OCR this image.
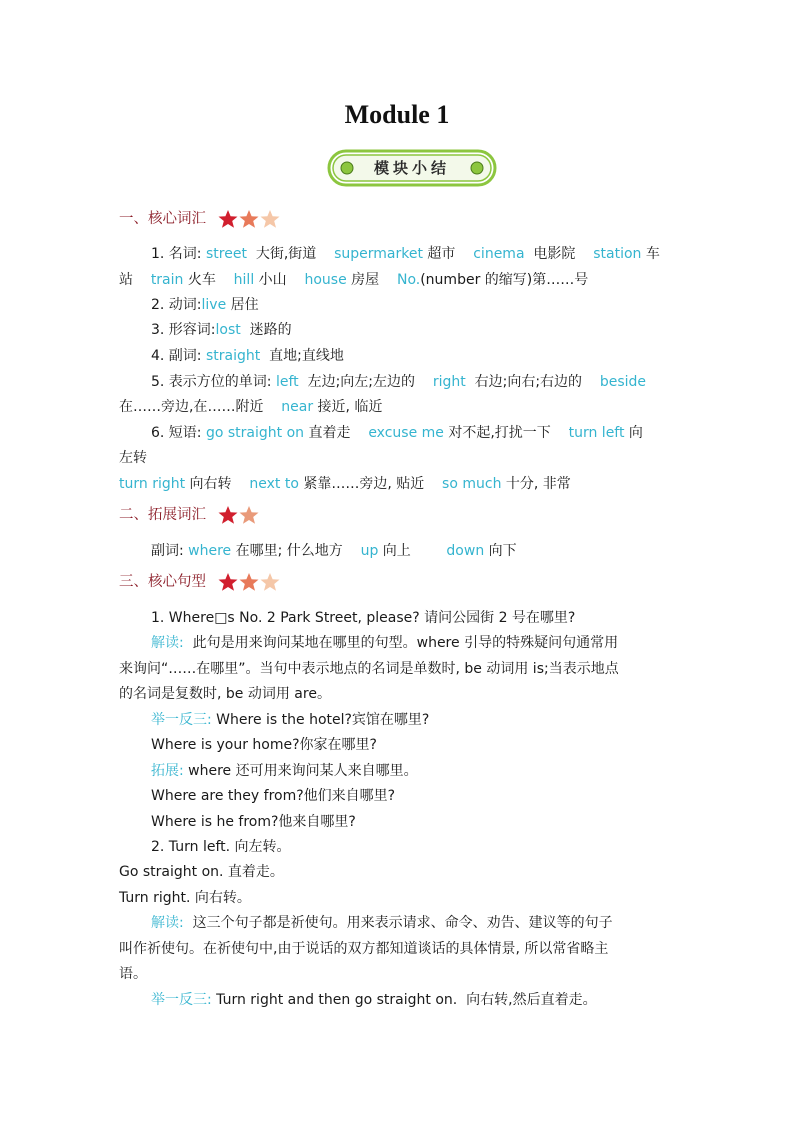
Module 1
模块小结
一、核心词汇
1. 名词: street  大街,街道    supermarket 超市    cinema  电影院    station 车
站    train 火车    hill 小山    house 房屋    No.(number 的缩写)第……号
2. 动词:live 居住
3. 形容词:lost  迷路的
4. 副词: straight  直地;直线地
5. 表示方位的单词: left  左边;向左;左边的    right  右边;向右;右边的    beside
在……旁边,在……附近    near 接近, 临近
6. 短语: go straight on 直着走    excuse me 对不起,打扰一下    turn left 向
左转
turn right 向右转    next to 紧靠……旁边, 贴近    so much 十分, 非常
二、拓展词汇
副词: where 在哪里; 什么地方    up 向上        down 向下
三、核心句型
1. Where□s No. 2 Park Street, please? 请问公园街 2 号在哪里?
解读:  此句是用来询问某地在哪里的句型。where 引导的特殊疑问句通常用
来询问“……在哪里”。当句中表示地点的名词是单数时, be 动词用 is;当表示地点
的名词是复数时, be 动词用 are。
举一反三: Where is the hotel?宾馆在哪里?
Where is your home?你家在哪里?
拓展: where 还可用来询问某人来自哪里。
Where are they from?他们来自哪里?
Where is he from?他来自哪里?
2. Turn left. 向左转。
Go straight on. 直着走。
Turn right. 向右转。
解读:  这三个句子都是祈使句。用来表示请求、命令、劝告、建议等的句子
叫作祈使句。在祈使句中,由于说话的双方都知道谈话的具体情景, 所以常省略主
语。
举一反三: Turn right and then go straight on.  向右转,然后直着走。
